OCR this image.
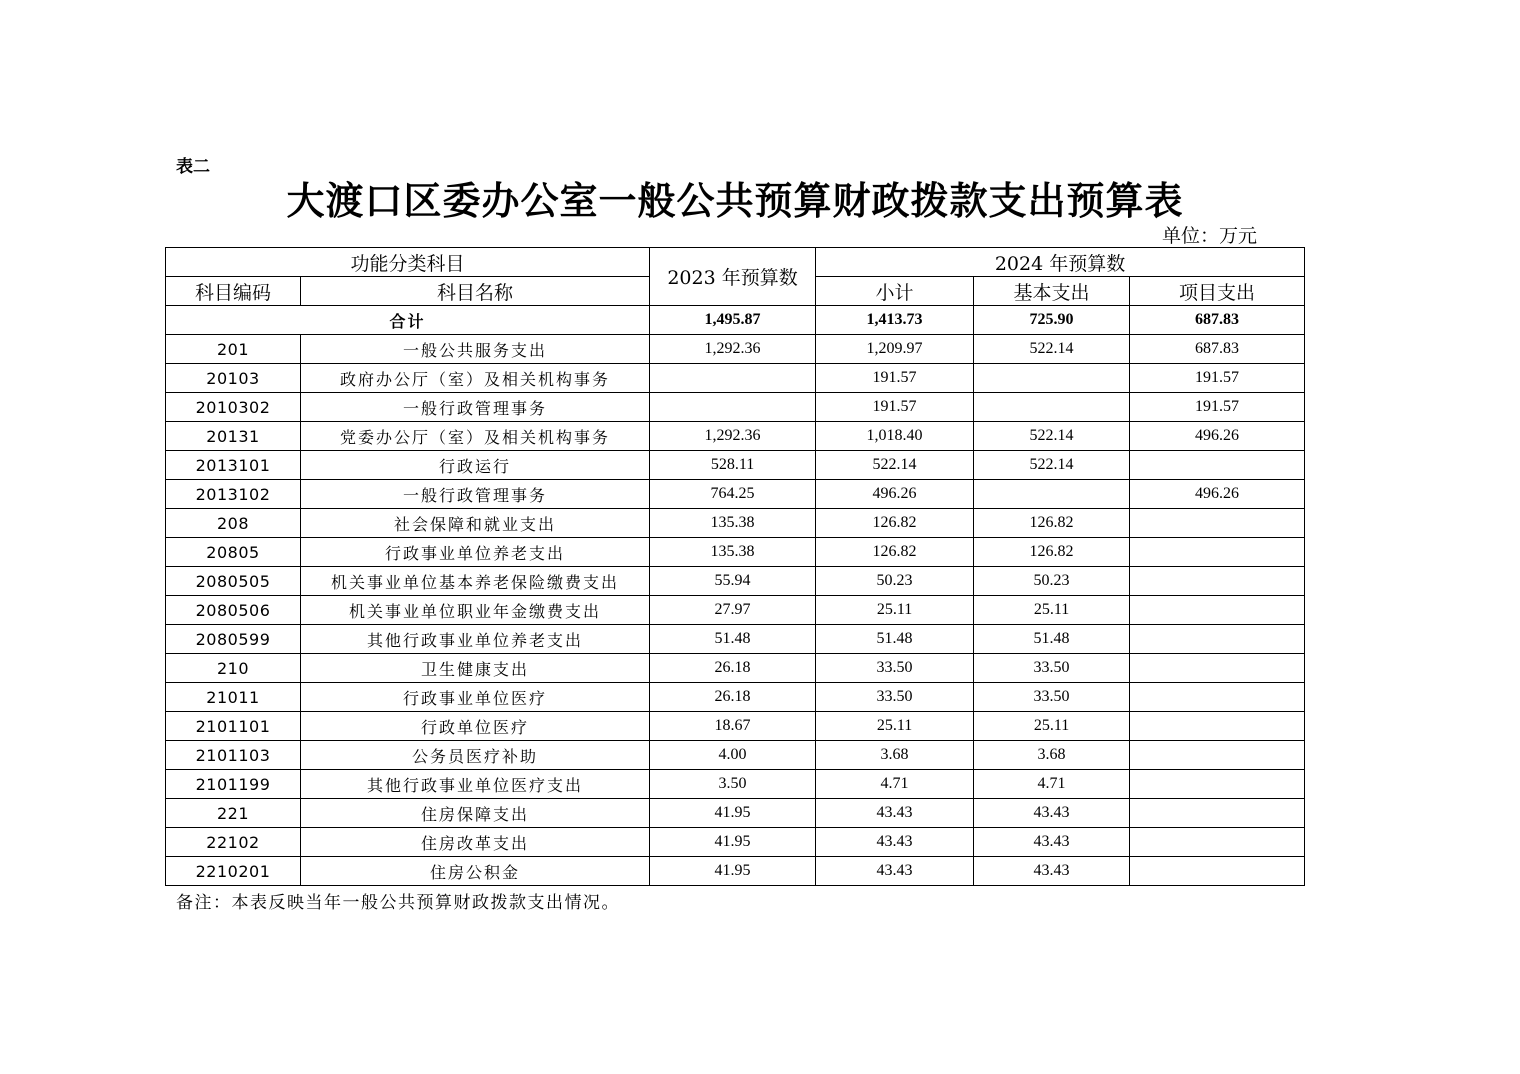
表二
大渡口区委办公室一般公共预算财政拨款支出预算表
单位：万元
功能分类科目		2023 年预算数	2024 年预算数		
科目编码	科目名称		小计	基本支出	项目支出
合计		1,495.87	1,413.73	725.90	687.83
201	一般公共服务支出	1,292.36	1,209.97	522.14	687.83
20103	政府办公厅（室）及相关机构事务		191.57		191.57
2010302	一般行政管理事务		191.57		191.57
20131	党委办公厅（室）及相关机构事务	1,292.36	1,018.40	522.14	496.26
2013101	行政运行	528.11	522.14	522.14	
2013102	一般行政管理事务	764.25	496.26		496.26
208	社会保障和就业支出	135.38	126.82	126.82	
20805	行政事业单位养老支出	135.38	126.82	126.82	
2080505	机关事业单位基本养老保险缴费支出	55.94	50.23	50.23	
2080506	机关事业单位职业年金缴费支出	27.97	25.11	25.11	
2080599	其他行政事业单位养老支出	51.48	51.48	51.48	
210	卫生健康支出	26.18	33.50	33.50	
21011	行政事业单位医疗	26.18	33.50	33.50	
2101101	行政单位医疗	18.67	25.11	25.11	
2101103	公务员医疗补助	4.00	3.68	3.68	
2101199	其他行政事业单位医疗支出	3.50	4.71	4.71	
221	住房保障支出	41.95	43.43	43.43	
22102	住房改革支出	41.95	43.43	43.43	
2210201	住房公积金	41.95	43.43	43.43	
备注：本表反映当年一般公共预算财政拨款支出情况。
